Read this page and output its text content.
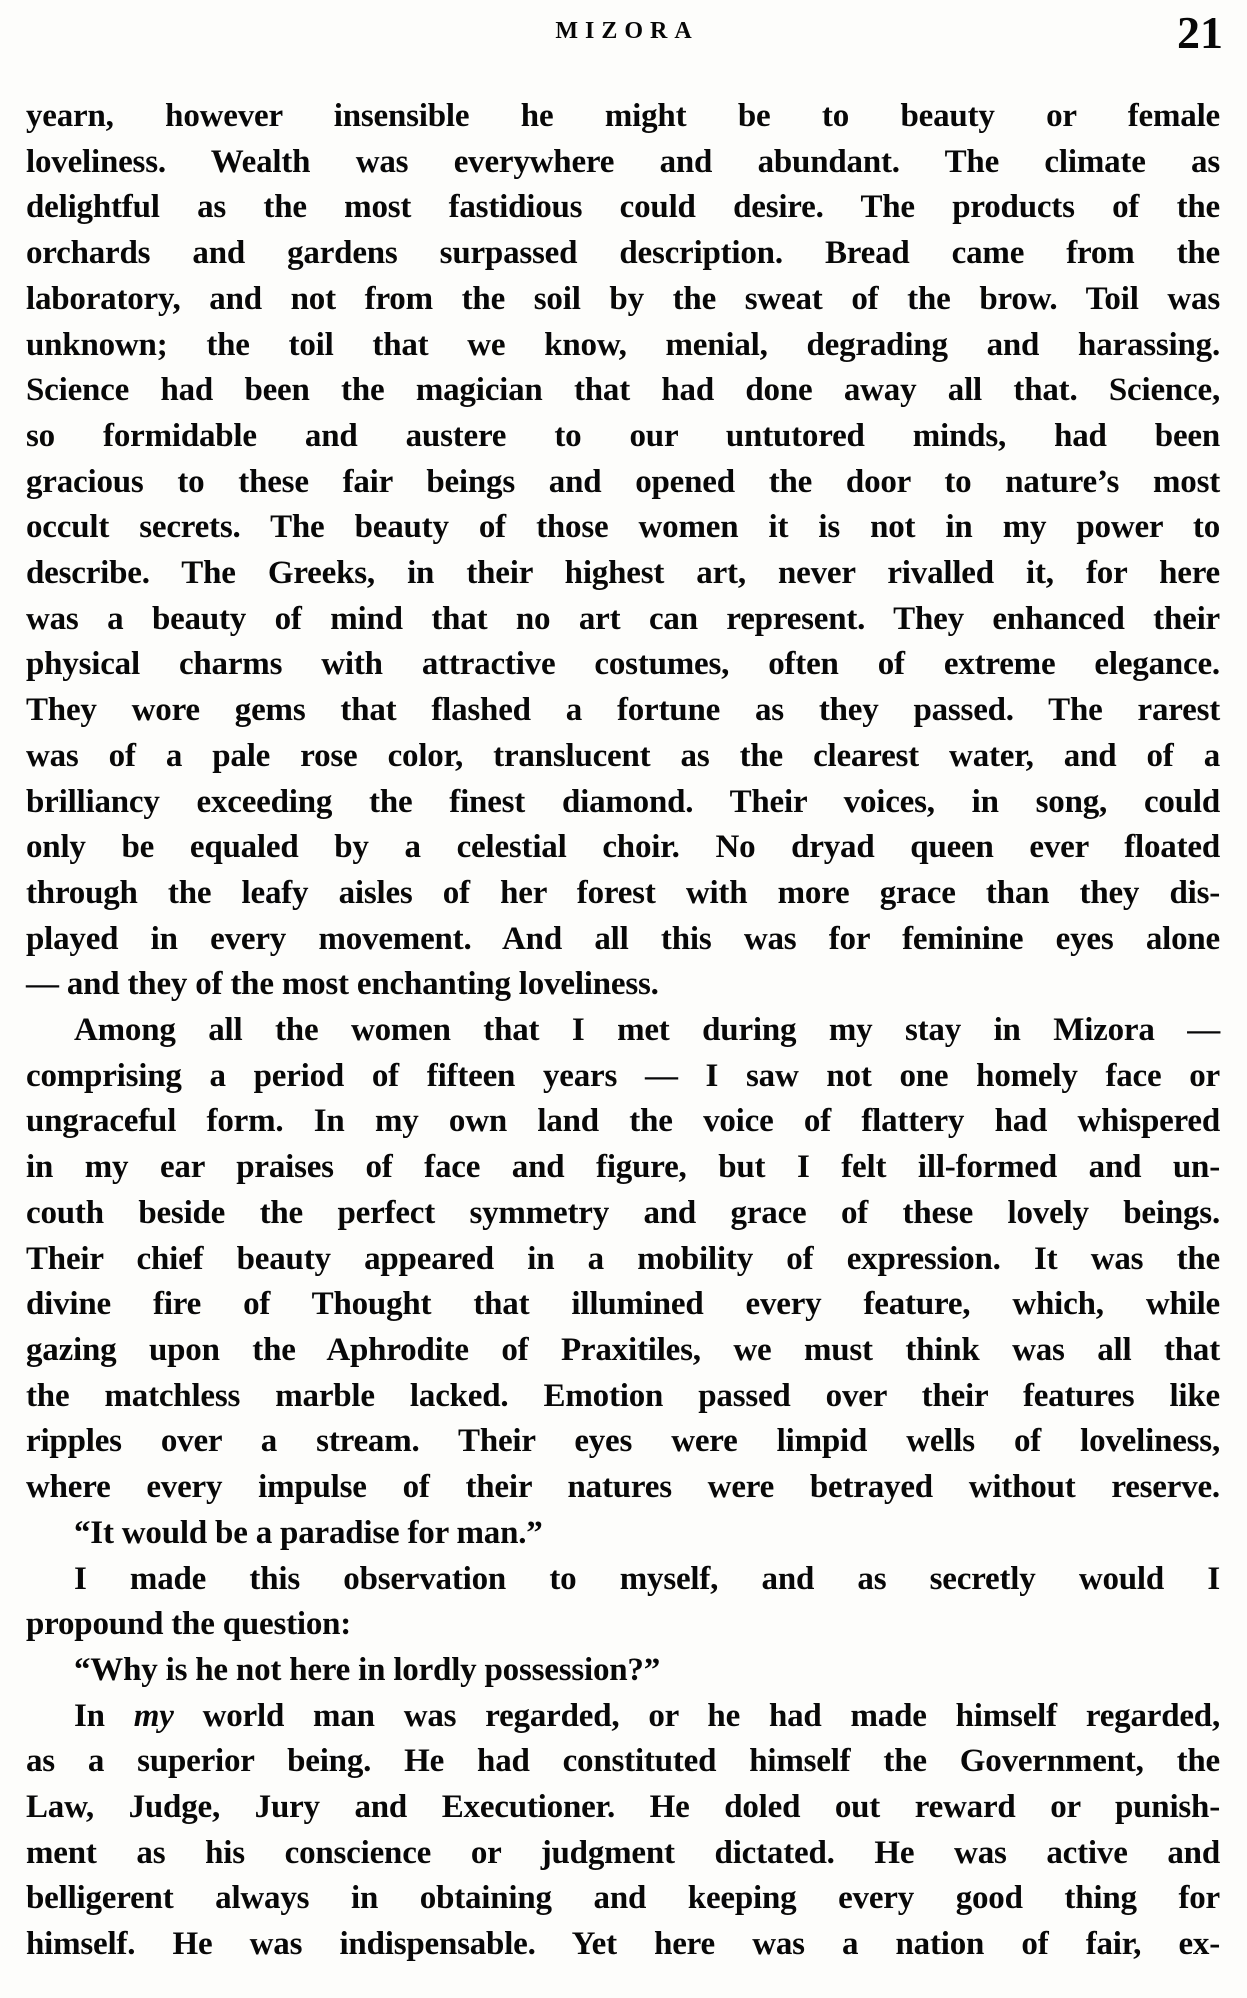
MIZORA	21
yearn, however insensible he might be to beauty or female
loveliness. Wealth was everywhere and abundant. The climate as
delightful as the most fastidious could desire. The products of the
orchards and gardens surpassed description. Bread came from the
laboratory, and not from the soil by the sweat of the brow. Toil was
unknown; the toil that we know, menial, degrading and harassing.
Science had been the magician that had done away all that. Science,
so formidable and austere to our untutored minds, had been
gracious to these fair beings and opened the door to nature’s most
occult secrets. The beauty of those women it is not in my power to
describe. The Greeks, in their highest art, never rivalled it, for here
was a beauty of mind that no art can represent. They enhanced their
physical charms with attractive costumes, often of extreme elegance.
They wore gems that flashed a fortune as they passed. The rarest
was of a pale rose color, translucent as the clearest water, and of a
brilliancy exceeding the finest diamond. Their voices, in song, could
only be equaled by a celestial choir. No dryad queen ever floated
through the leafy aisles of her forest with more grace than they dis-
played in every movement. And all this was for feminine eyes alone
— and they of the most enchanting loveliness.
Among all the women that I met during my stay in Mizora —
comprising a period of fifteen years — I saw not one homely face or
ungraceful form. In my own land the voice of flattery had whispered
in my ear praises of face and figure, but I felt ill-formed and un-
couth beside the perfect symmetry and grace of these lovely beings.
Their chief beauty appeared in a mobility of expression. It was the
divine fire of Thought that illumined every feature, which, while
gazing upon the Aphrodite of Praxitiles, we must think was all that
the matchless marble lacked. Emotion passed over their features like
ripples over a stream. Their eyes were limpid wells of loveliness,
where every impulse of their natures were betrayed without reserve.
“It would be a paradise for man.”
I made this observation to myself, and as secretly would I
propound the question:
“Why is he not here in lordly possession?”
In my world man was regarded, or he had made himself regarded,
as a superior being. He had constituted himself the Government, the
Law, Judge, Jury and Executioner. He doled out reward or punish-
ment as his conscience or judgment dictated. He was active and
belligerent always in obtaining and keeping every good thing for
himself. He was indispensable. Yet here was a nation of fair, ex-
